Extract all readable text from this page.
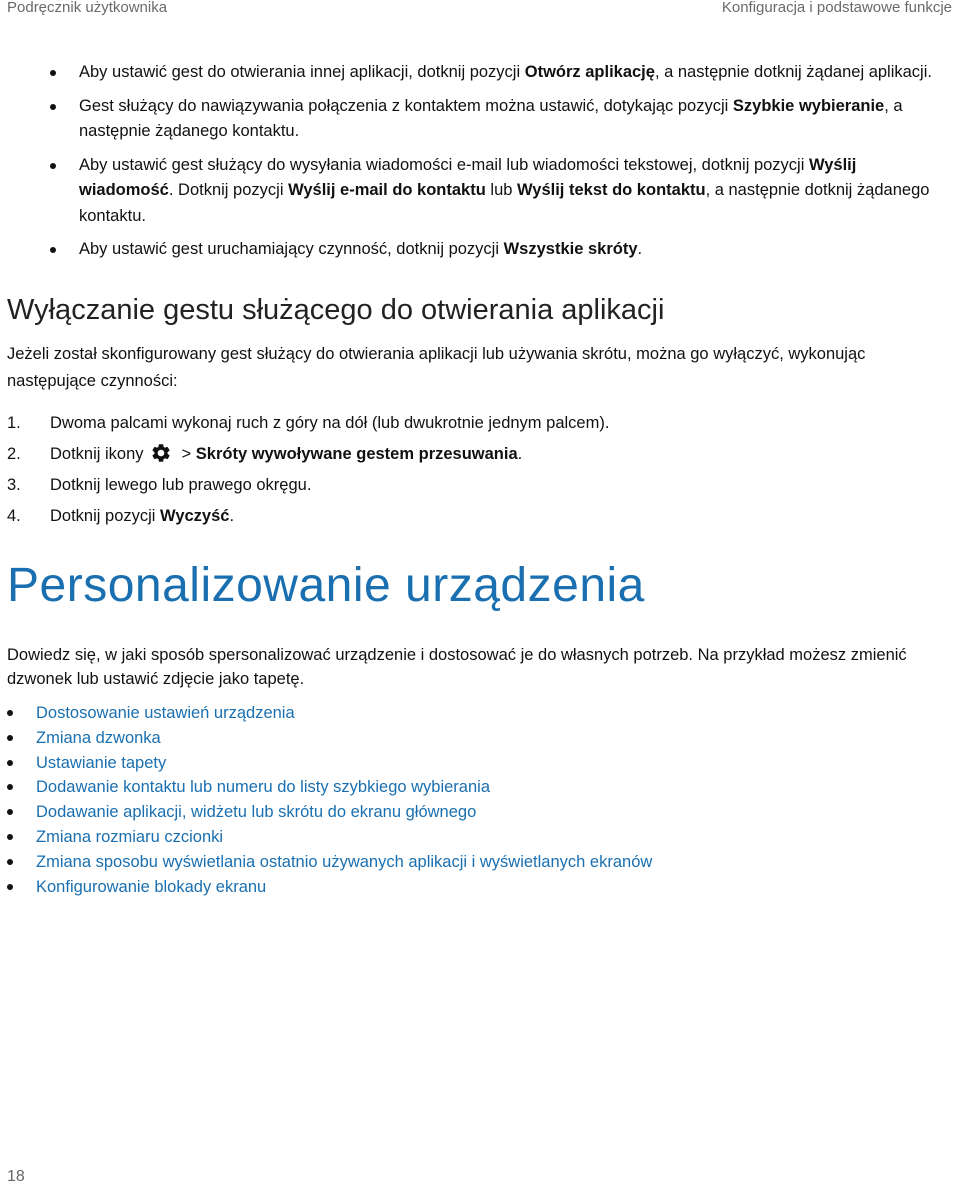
Podręcznik użytkownika	Konfiguracja i podstawowe funkcje
Aby ustawić gest do otwierania innej aplikacji, dotknij pozycji Otwórz aplikację, a następnie dotknij żądanej aplikacji.
Gest służący do nawiązywania połączenia z kontaktem można ustawić, dotykając pozycji Szybkie wybieranie, a następnie żądanego kontaktu.
Aby ustawić gest służący do wysyłania wiadomości e-mail lub wiadomości tekstowej, dotknij pozycji Wyślij wiadomość. Dotknij pozycji Wyślij e-mail do kontaktu lub Wyślij tekst do kontaktu, a następnie dotknij żądanego kontaktu.
Aby ustawić gest uruchamiający czynność, dotknij pozycji Wszystkie skróty.
Wyłączanie gestu służącego do otwierania aplikacji

Jeżeli został skonfigurowany gest służący do otwierania aplikacji lub używania skrótu, można go wyłączyć, wykonując następujące czynności:

1. Dwoma palcami wykonaj ruch z góry na dół (lub dwukrotnie jednym palcem).
2. Dotknij ikony > Skróty wywoływane gestem przesuwania.
3. Dotknij lewego lub prawego okręgu.
4. Dotknij pozycji Wyczyść.
Personalizowanie urządzenia

Dowiedz się, w jaki sposób spersonalizować urządzenie i dostosować je do własnych potrzeb. Na przykład możesz zmienić dzwonek lub ustawić zdjęcie jako tapetę.

Dostosowanie ustawień urządzenia
Zmiana dzwonka
Ustawianie tapety
Dodawanie kontaktu lub numeru do listy szybkiego wybierania
Dodawanie aplikacji, widżetu lub skrótu do ekranu głównego
Zmiana rozmiaru czcionki
Zmiana sposobu wyświetlania ostatnio używanych aplikacji i wyświetlanych ekranów
Konfigurowanie blokady ekranu
18
